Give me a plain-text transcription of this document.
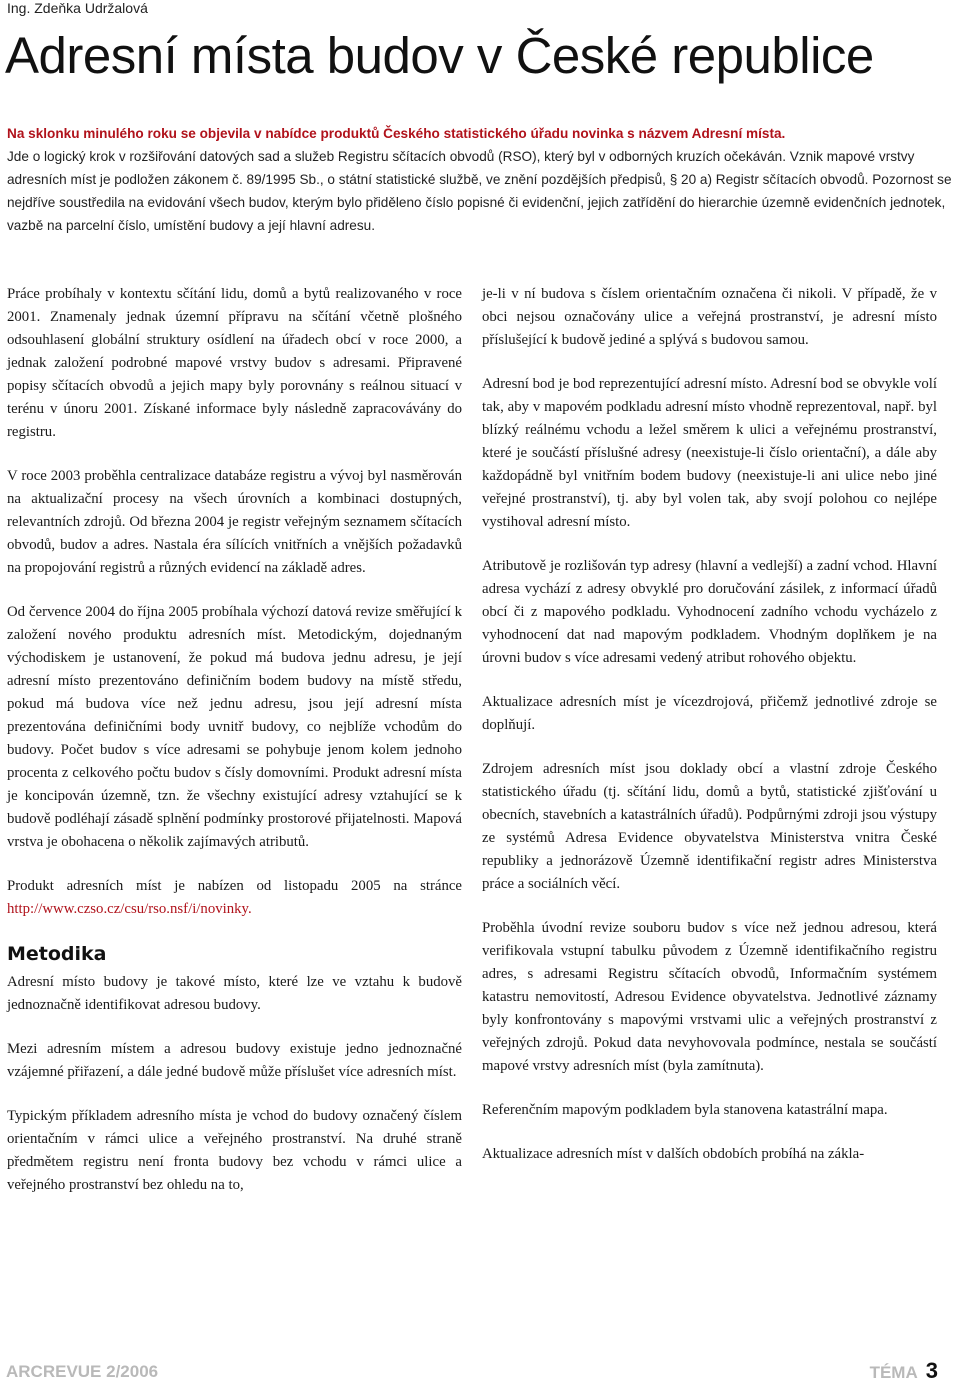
Ing. Zdeňka Udržalová
Adresní místa budov v České republice
Na sklonku minulého roku se objevila v nabídce produktů Českého statistického úřadu novinka s názvem Adresní místa.
Jde o logický krok v rozšiřování datových sad a služeb Registru sčítacích obvodů (RSO), který byl v odborných kruzích očekáván. Vznik mapové vrstvy adresních míst je podložen zákonem č. 89/1995 Sb., o státní statistické službě, ve znění pozdějších předpisů, § 20 a) Registr sčítacích obvodů. Pozornost se nejdříve soustředila na evidování všech budov, kterým bylo přiděleno číslo popisné či evidenční, jejich zatřídění do hierarchie územně evidenčních jednotek, vazbě na parcelní číslo, umístění budovy a její hlavní adresu.

Práce probíhaly v kontextu sčítání lidu, domů a bytů realizovaného v roce 2001. Znamenaly jednak územní přípravu na sčítání včetně plošného odsouhlasení globální struktury osídlení na úřadech obcí v roce 2000, a jednak založení podrobné mapové vrstvy budov s adresami. Připravené popisy sčítacích obvodů a jejich mapy byly porovnány s reálnou situací v terénu v únoru 2001. Získané informace byly následně zapracovávány do registru.

V roce 2003 proběhla centralizace databáze registru a vývoj byl nasměrován na aktualizační procesy na všech úrovních a kombinaci dostupných, relevantních zdrojů. Od března 2004 je registr veřejným seznamem sčítacích obvodů, budov a adres. Nastala éra sílících vnitřních a vnějších požadavků na propojování registrů a různých evidencí na základě adres.

Od července 2004 do října 2005 probíhala výchozí datová revize směřující k založení nového produktu adresních míst. Metodickým, dojednaným východiskem je ustanovení, že pokud má budova jednu adresu, je její adresní místo prezentováno definičním bodem budovy na místě středu, pokud má budova více než jednu adresu, jsou její adresní místa prezentována definičními body uvnitř budovy, co nejblíže vchodům do budovy. Počet budov s více adresami se pohybuje jenom kolem jednoho procenta z celkového počtu budov s čísly domovními. Produkt adresní místa je koncipován územně, tzn. že všechny existující adresy vztahující se k budově podléhají zásadě splnění podmínky prostorové přijatelnosti. Mapová vrstva je obohacena o několik zajímavých atributů.

Produkt adresních míst je nabízen od listopadu 2005 na stránce http://www.czso.cz/csu/rso.nsf/i/novinky.

Metodika

Adresní místo budovy je takové místo, které lze ve vztahu k budově jednoznačně identifikovat adresou budovy.

Mezi adresním místem a adresou budovy existuje jedno jednoznačné vzájemné přiřazení, a dále jedné budově může příslušet více adresních míst.

Typickým příkladem adresního místa je vchod do budovy označený číslem orientačním v rámci ulice a veřejného prostranství. Na druhé straně předmětem registru není fronta budovy bez vchodu v rámci ulice a veřejného prostranství bez ohledu na to,

je-li v ní budova s číslem orientačním označena či nikoli. V případě, že v obci nejsou označovány ulice a veřejná prostranství, je adresní místo příslušející k budově jediné a splývá s budovou samou.

Adresní bod je bod reprezentující adresní místo. Adresní bod se obvykle volí tak, aby v mapovém podkladu adresní místo vhodně reprezentoval, např. byl blízký reálnému vchodu a ležel směrem k ulici a veřejnému prostranství, které je součástí příslušné adresy (neexistuje-li číslo orientační), a dále aby každopádně byl vnitřním bodem budovy (neexistuje-li ani ulice nebo jiné veřejné prostranství), tj. aby byl volen tak, aby svojí polohou co nejlépe vystihoval adresní místo.

Atributově je rozlišován typ adresy (hlavní a vedlejší) a zadní vchod. Hlavní adresa vychází z adresy obvyklé pro doručování zásilek, z informací úřadů obcí či z mapového podkladu. Vyhodnocení zadního vchodu vycházelo z vyhodnocení dat nad mapovým podkladem. Vhodným doplňkem je na úrovni budov s více adresami vedený atribut rohového objektu.

Aktualizace adresních míst je vícezdrojová, přičemž jednotlivé zdroje se doplňují.

Zdrojem adresních míst jsou doklady obcí a vlastní zdroje Českého statistického úřadu (tj. sčítání lidu, domů a bytů, statistické zjišťování u obecních, stavebních a katastrálních úřadů). Podpůrnými zdroji jsou výstupy ze systémů Adresa Evidence obyvatelstva Ministerstva vnitra České republiky a jednorázově Územně identifikační registr adres Ministerstva práce a sociálních věcí.

Proběhla úvodní revize souboru budov s více než jednou adresou, která verifikovala vstupní tabulku původem z Územně identifikačního registru adres, s adresami Registru sčítacích obvodů, Informačním systémem katastru nemovitostí, Adresou Evidence obyvatelstva. Jednotlivé záznamy byly konfrontovány s mapovými vrstvami ulic a veřejných prostranství z veřejných zdrojů. Pokud data nevyhovovala podmínce, nestala se součástí mapové vrstvy adresních míst (byla zamítnuta).

Referenčním mapovým podkladem byla stanovena katastrální mapa.

Aktualizace adresních míst v dalších obdobích probíhá na zákla-

ARCREVUE 2/2006	TÉMA 3
